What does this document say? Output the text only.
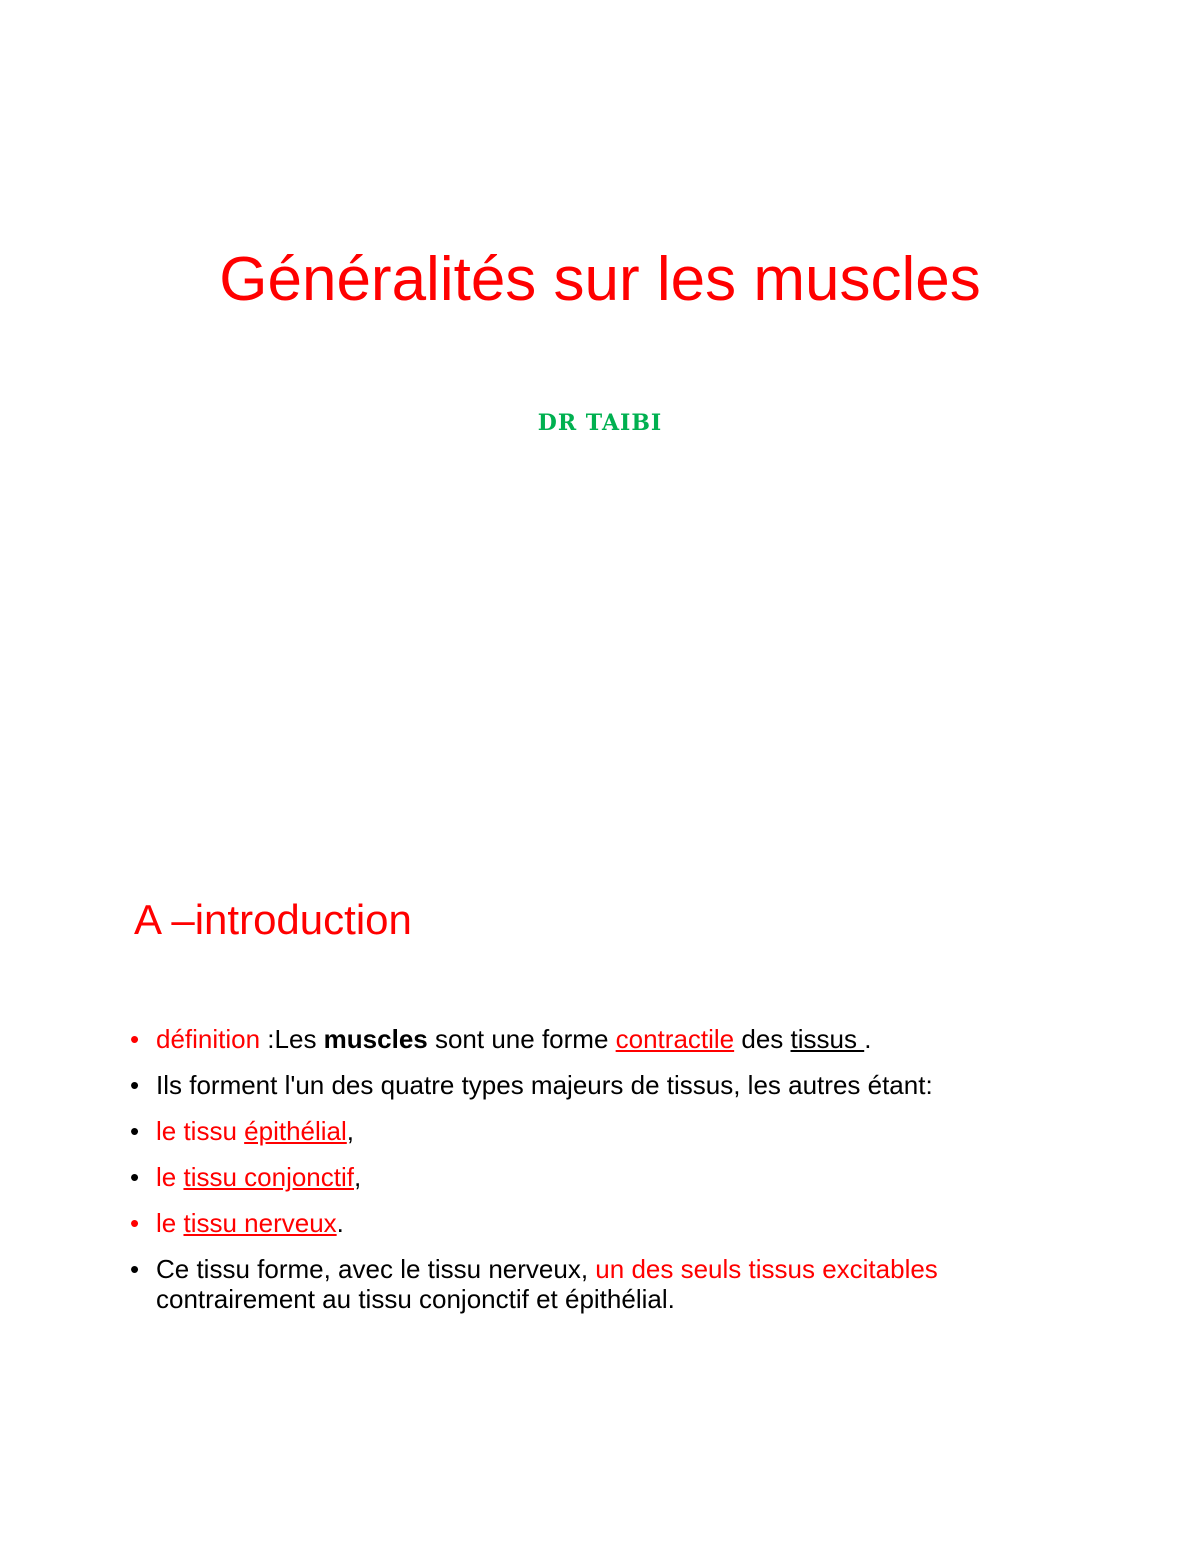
Généralités sur les muscles
DR TAIBI
A –introduction
• définition :Les muscles sont une forme contractile des tissus .
• Ils forment l'un des quatre types majeurs de tissus, les autres étant:
• le tissu épithélial,
• le tissu conjonctif,
• le tissu nerveux.
• Ce tissu forme, avec le tissu nerveux, un des seuls tissus excitables contrairement au tissu conjonctif et épithélial.
